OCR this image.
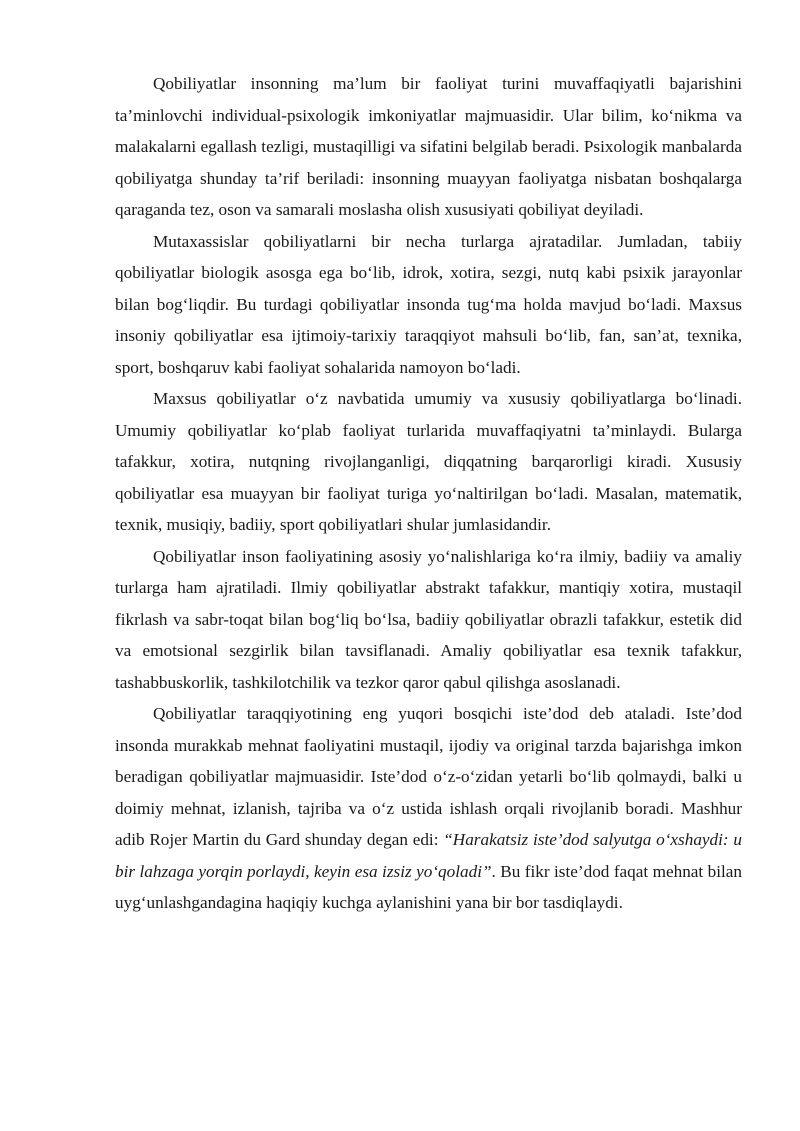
Qobiliyatlar insonning ma’lum bir faoliyat turini muvaffaqiyatli bajarishini ta’minlovchi individual-psixologik imkoniyatlar majmuasidir. Ular bilim, ko‘nikma va malakalarni egallash tezligi, mustaqilligi va sifatini belgilab beradi. Psixologik manbalarda qobiliyatga shunday ta’rif beriladi: insonning muayyan faoliyatga nisbatan boshqalarga qaraganda tez, oson va samarali moslasha olish xususiyati qobiliyat deyiladi.

Mutaxassislar qobiliyatlarni bir necha turlarga ajratadilar. Jumladan, tabiiy qobiliyatlar biologik asosga ega bo‘lib, idrok, xotira, sezgi, nutq kabi psixik jarayonlar bilan bog‘liqdir. Bu turdagi qobiliyatlar insonda tug‘ma holda mavjud bo‘ladi. Maxsus insoniy qobiliyatlar esa ijtimoiy-tarixiy taraqqiyot mahsuli bo‘lib, fan, san’at, texnika, sport, boshqaruv kabi faoliyat sohalarida namoyon bo‘ladi.

Maxsus qobiliyatlar o‘z navbatida umumiy va xususiy qobiliyatlarga bo‘linadi. Umumiy qobiliyatlar ko‘plab faoliyat turlarida muvaffaqiyatni ta’minlaydi. Bularga tafakkur, xotira, nutqning rivojlanganligi, diqqatning barqarorligi kiradi. Xususiy qobiliyatlar esa muayyan bir faoliyat turiga yo‘naltirilgan bo‘ladi. Masalan, matematik, texnik, musiqiy, badiiy, sport qobiliyatlari shular jumlasidandir.

Qobiliyatlar inson faoliyatining asosiy yo‘nalishlariga ko‘ra ilmiy, badiiy va amaliy turlarga ham ajratiladi. Ilmiy qobiliyatlar abstrakt tafakkur, mantiqiy xotira, mustaqil fikrlash va sabr-toqat bilan bog‘liq bo‘lsa, badiiy qobiliyatlar obrazli tafakkur, estetik did va emotsional sezgirlik bilan tavsiflanadi. Amaliy qobiliyatlar esa texnik tafakkur, tashabbuskorlik, tashkilotchilik va tezkor qaror qabul qilishga asoslanadi.

Qobiliyatlar taraqqiyotining eng yuqori bosqichi iste’dod deb ataladi. Iste’dod insonda murakkab mehnat faoliyatini mustaqil, ijodiy va original tarzda bajarishga imkon beradigan qobiliyatlar majmuasidir. Iste’dod o‘z-o‘zidan yetarli bo‘lib qolmaydi, balki u doimiy mehnat, izlanish, tajriba va o‘z ustida ishlash orqali rivojlanib boradi. Mashhur adib Rojer Martin du Gard shunday degan edi: “Harakatsiz iste’dod salyutga o‘xshaydi: u bir lahzaga yorqin porlaydi, keyin esa izsiz yo‘qoladi”. Bu fikr iste’dod faqat mehnat bilan uyg‘unlashgandagina haqiqiy kuchga aylanishini yana bir bor tasdiqlaydi.
